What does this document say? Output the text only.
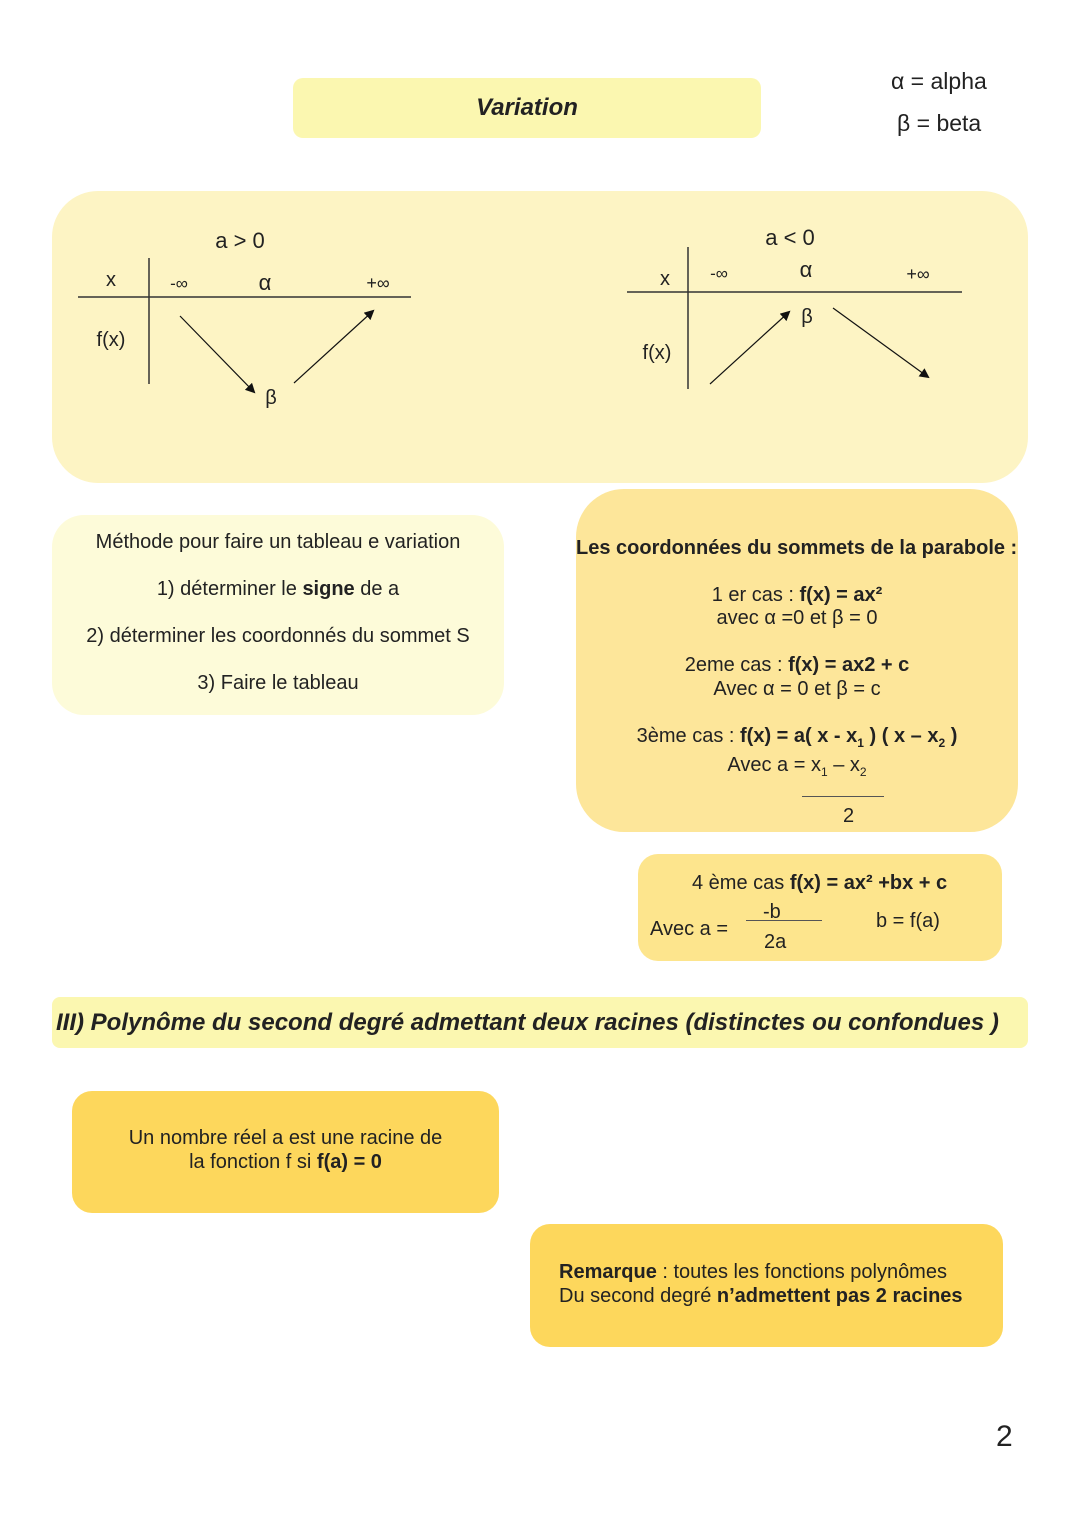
Variation
α = alpha
β = beta
a > 0
x	-∞	α	+∞
f(x)
β
a < 0
x -∞	α	+∞
f(x)
β
Méthode pour faire un tableau e variation
1) déterminer le signe de a
2) déterminer les coordonnés du sommet S
3) Faire le tableau
Les coordonnées du sommets de la parabole :
1 er cas : f(x) = ax²
avec α =0 et β = 0
2eme cas : f(x) = ax2 + c
Avec α = 0 et β = c
3ème cas : f(x) = a( x - $x_1$ ) ( x – $x_2$ )
Avec $a = x_1 - x_2$
2
4 ème cas f(x) = ax² +bx + c
Avec a =
-b
2a
b = f(a)
III) Polynôme du second degré admettant deux racines (distinctes ou confondues )
Un nombre réel a est une racine de
la fonction f si f(a) = 0
Remarque : toutes les fonctions polynômes
Du second degré n’admettent pas 2 racines
2
